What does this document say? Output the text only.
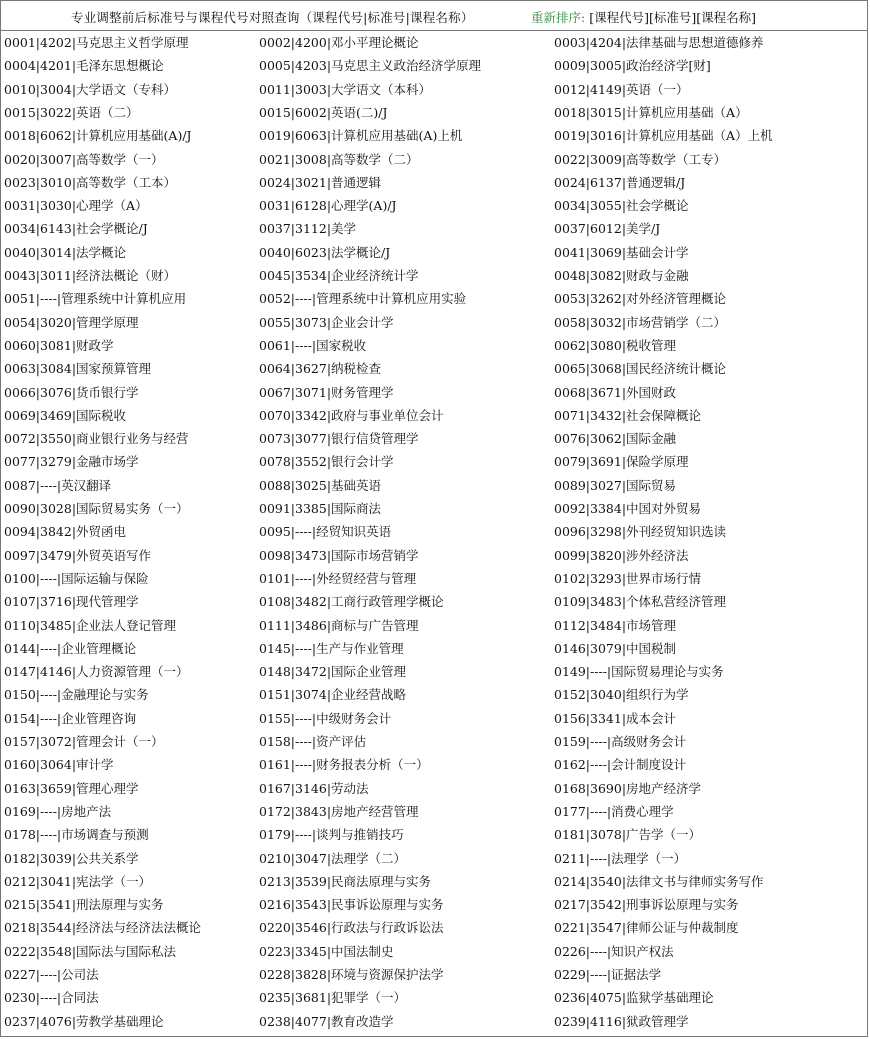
专业调整前后标准号与课程代号对照查询（课程代号|标准号|课程名称）	重新排序: [课程代号][标准号][课程名称]
0001|4202|马克思主义哲学原理	0002|4200|邓小平理论概论	0003|4204|法律基础与思想道德修养
0004|4201|毛泽东思想概论	0005|4203|马克思主义政治经济学原理	0009|3005|政治经济学[财]
0010|3004|大学语文（专科）	0011|3003|大学语文（本科）	0012|4149|英语（一）
0015|3022|英语（二）	0015|6002|英语(二)/J	0018|3015|计算机应用基础（A）
0018|6062|计算机应用基础(A)/J	0019|6063|计算机应用基础(A)上机	0019|3016|计算机应用基础（A）上机
0020|3007|高等数学（一）	0021|3008|高等数学（二）	0022|3009|高等数学（工专）
0023|3010|高等数学（工本）	0024|3021|普通逻辑	0024|6137|普通逻辑/J
0031|3030|心理学（A）	0031|6128|心理学(A)/J	0034|3055|社会学概论
0034|6143|社会学概论/J	0037|3112|美学	0037|6012|美学/J
0040|3014|法学概论	0040|6023|法学概论/J	0041|3069|基础会计学
0043|3011|经济法概论（财）	0045|3534|企业经济统计学	0048|3082|财政与金融
0051|----|管理系统中计算机应用	0052|----|管理系统中计算机应用实验	0053|3262|对外经济管理概论
0054|3020|管理学原理	0055|3073|企业会计学	0058|3032|市场营销学（二）
0060|3081|财政学	0061|----|国家税收	0062|3080|税收管理
0063|3084|国家预算管理	0064|3627|纳税检查	0065|3068|国民经济统计概论
0066|3076|货币银行学	0067|3071|财务管理学	0068|3671|外国财政
0069|3469|国际税收	0070|3342|政府与事业单位会计	0071|3432|社会保障概论
0072|3550|商业银行业务与经营	0073|3077|银行信贷管理学	0076|3062|国际金融
0077|3279|金融市场学	0078|3552|银行会计学	0079|3691|保险学原理
0087|----|英汉翻译	0088|3025|基础英语	0089|3027|国际贸易
0090|3028|国际贸易实务（一）	0091|3385|国际商法	0092|3384|中国对外贸易
0094|3842|外贸函电	0095|----|经贸知识英语	0096|3298|外刊经贸知识选读
0097|3479|外贸英语写作	0098|3473|国际市场营销学	0099|3820|涉外经济法
0100|----|国际运输与保险	0101|----|外经贸经营与管理	0102|3293|世界市场行情
0107|3716|现代管理学	0108|3482|工商行政管理学概论	0109|3483|个体私营经济管理
0110|3485|企业法人登记管理	0111|3486|商标与广告管理	0112|3484|市场管理
0144|----|企业管理概论	0145|----|生产与作业管理	0146|3079|中国税制
0147|4146|人力资源管理（一）	0148|3472|国际企业管理	0149|----|国际贸易理论与实务
0150|----|金融理论与实务	0151|3074|企业经营战略	0152|3040|组织行为学
0154|----|企业管理咨询	0155|----|中级财务会计	0156|3341|成本会计
0157|3072|管理会计（一）	0158|----|资产评估	0159|----|高级财务会计
0160|3064|审计学	0161|----|财务报表分析（一）	0162|----|会计制度设计
0163|3659|管理心理学	0167|3146|劳动法	0168|3690|房地产经济学
0169|----|房地产法	0172|3843|房地产经营管理	0177|----|消费心理学
0178|----|市场调查与预测	0179|----|谈判与推销技巧	0181|3078|广告学（一）
0182|3039|公共关系学	0210|3047|法理学（二）	0211|----|法理学（一）
0212|3041|宪法学（一）	0213|3539|民商法原理与实务	0214|3540|法律文书与律师实务写作
0215|3541|刑法原理与实务	0216|3543|民事诉讼原理与实务	0217|3542|刑事诉讼原理与实务
0218|3544|经济法与经济法法概论	0220|3546|行政法与行政诉讼法	0221|3547|律师公证与仲裁制度
0222|3548|国际法与国际私法	0223|3345|中国法制史	0226|----|知识产权法
0227|----|公司法	0228|3828|环境与资源保护法学	0229|----|证据法学
0230|----|合同法	0235|3681|犯罪学（一）	0236|4075|监狱学基础理论
0237|4076|劳教学基础理论	0238|4077|教育改造学	0239|4116|狱政管理学
